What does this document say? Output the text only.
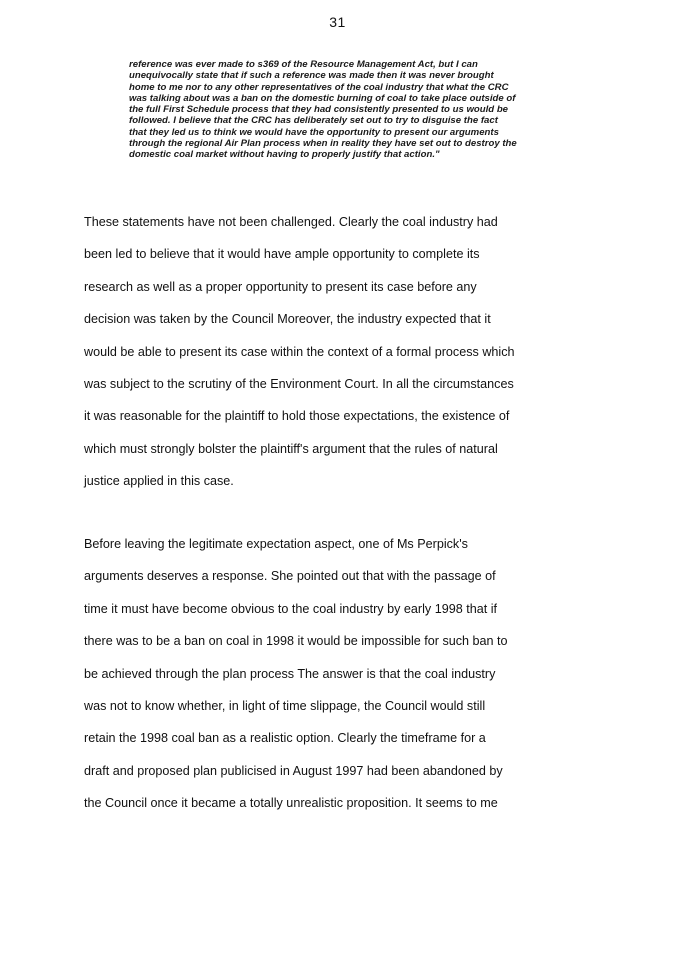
31
reference was ever made to s369 of the Resource Management Act, but I can
unequivocally state that if such a reference was made then it was never brought
home to me nor to any other representatives of the coal industry that what the CRC
was talking about was a ban on the domestic burning of coal to take place outside of
the full First Schedule process that they had consistently presented to us would be
followed. I believe that the CRC has deliberately set out to try to disguise the fact
that they led us to think we would have the opportunity to present our arguments
through the regional Air Plan process when in reality they have set out to destroy the
domestic coal market without having to properly justify that action."
These statements have not been challenged. Clearly the coal industry had
been led to believe that it would have ample opportunity to complete its
research as well as a proper opportunity to present its case before any
decision was taken by the Council Moreover, the industry expected that it
would be able to present its case within the context of a formal process which
was subject to the scrutiny of the Environment Court. In all the circumstances
it was reasonable for the plaintiff to hold those expectations, the existence of
which must strongly bolster the plaintiff's argument that the rules of natural
justice applied in this case.
Before leaving the legitimate expectation aspect, one of Ms Perpick's
arguments deserves a response. She pointed out that with the passage of
time it must have become obvious to the coal industry by early 1998 that if
there was to be a ban on coal in 1998 it would be impossible for such ban to
be achieved through the plan process The answer is that the coal industry
was not to know whether, in light of time slippage, the Council would still
retain the 1998 coal ban as a realistic option. Clearly the timeframe for a
draft and proposed plan publicised in August 1997 had been abandoned by
the Council once it became a totally unrealistic proposition. It seems to me
